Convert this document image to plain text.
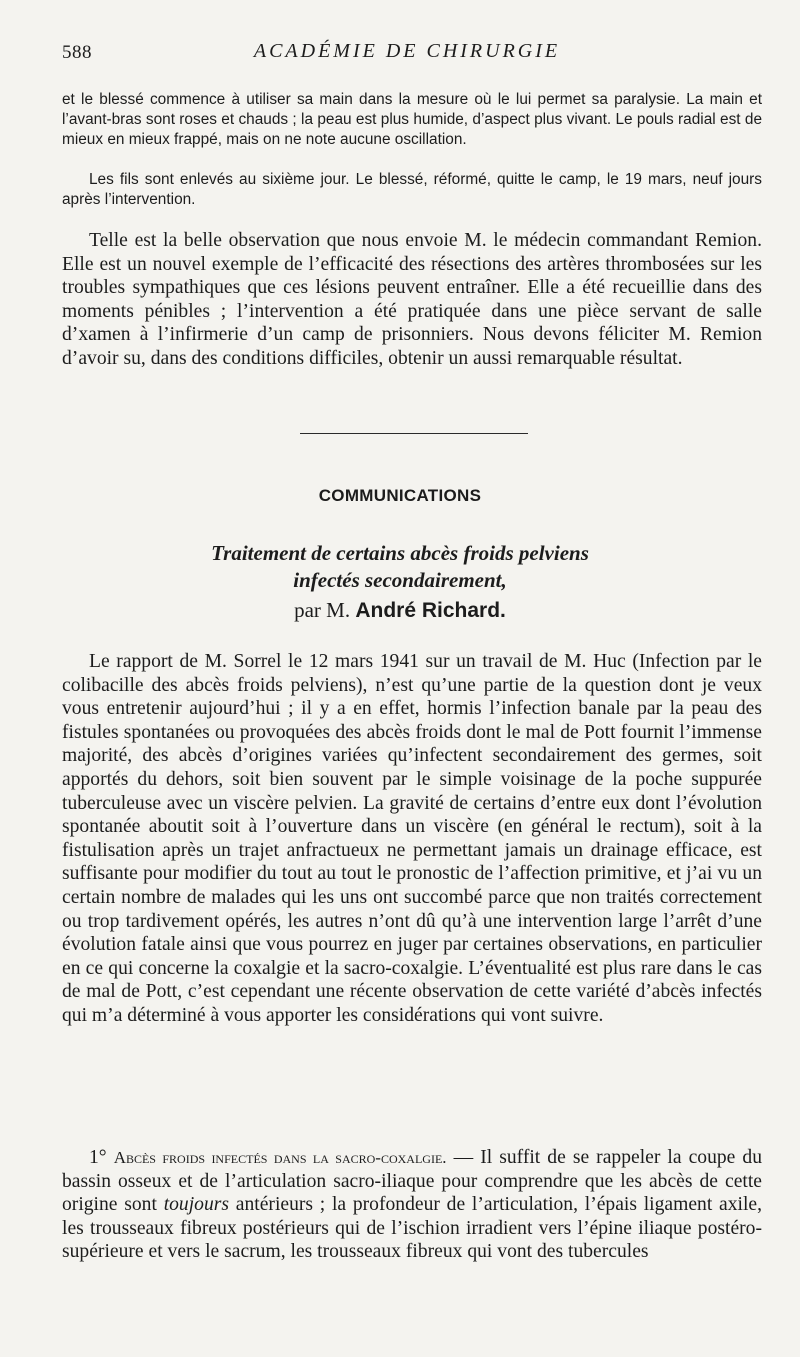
588	ACADÉMIE DE CHIRURGIE
et le blessé commence à utiliser sa main dans la mesure où le lui permet sa paralysie. La main et l’avant-bras sont roses et chauds ; la peau est plus humide, d’aspect plus vivant. Le pouls radial est de mieux en mieux frappé, mais on ne note aucune oscillation.
Les fils sont enlevés au sixième jour. Le blessé, réformé, quitte le camp, le 19 mars, neuf jours après l’intervention.
Telle est la belle observation que nous envoie M. le médecin commandant Remion. Elle est un nouvel exemple de l’efficacité des résections des artères thrombosées sur les troubles sympathiques que ces lésions peuvent entraîner. Elle a été recueillie dans des moments pénibles ; l’intervention a été pratiquée dans une pièce servant de salle d’xamen à l’infirmerie d’un camp de prisonniers. Nous devons féliciter M. Remion d’avoir su, dans des conditions difficiles, obtenir un aussi remarquable résultat.
COMMUNICATIONS
Traitement de certains abcès froids pelviens
infectés secondairement,
par M. André Richard.
Le rapport de M. Sorrel le 12 mars 1941 sur un travail de M. Huc (Infection par le colibacille des abcès froids pelviens), n’est qu’une partie de la question dont je veux vous entretenir aujourd’hui ; il y a en effet, hormis l’infection banale par la peau des fistules spontanées ou provoquées des abcès froids dont le mal de Pott fournit l’immense majorité, des abcès d’origines variées qu’infectent secondairement des germes, soit apportés du dehors, soit bien souvent par le simple voisinage de la poche suppurée tuberculeuse avec un viscère pelvien. La gravité de certains d’entre eux dont l’évolution spontanée aboutit soit à l’ouverture dans un viscère (en général le rectum), soit à la fistulisation après un trajet anfractueux ne permettant jamais un drainage efficace, est suffisante pour modifier du tout au tout le pronostic de l’affection primitive, et j’ai vu un certain nombre de malades qui les uns ont succombé parce que non traités correctement ou trop tardivement opérés, les autres n’ont dû qu’à une intervention large l’arrêt d’une évolution fatale ainsi que vous pourrez en juger par certaines observations, en particulier en ce qui concerne la coxalgie et la sacro-coxalgie. L’éventualité est plus rare dans le cas de mal de Pott, c’est cependant une récente observation de cette variété d’abcès infectés qui m’a déterminé à vous apporter les considérations qui vont suivre.
1° Abcès froids infectés dans la sacro-coxalgie. — Il suffit de se rappeler la coupe du bassin osseux et de l’articulation sacro-iliaque pour comprendre que les abcès de cette origine sont toujours antérieurs ; la profondeur de l’articulation, l’épais ligament axile, les trousseaux fibreux postérieurs qui de l’ischion irradient vers l’épine iliaque postéro-supérieure et vers le sacrum, les trousseaux fibreux qui vont des tubercules
